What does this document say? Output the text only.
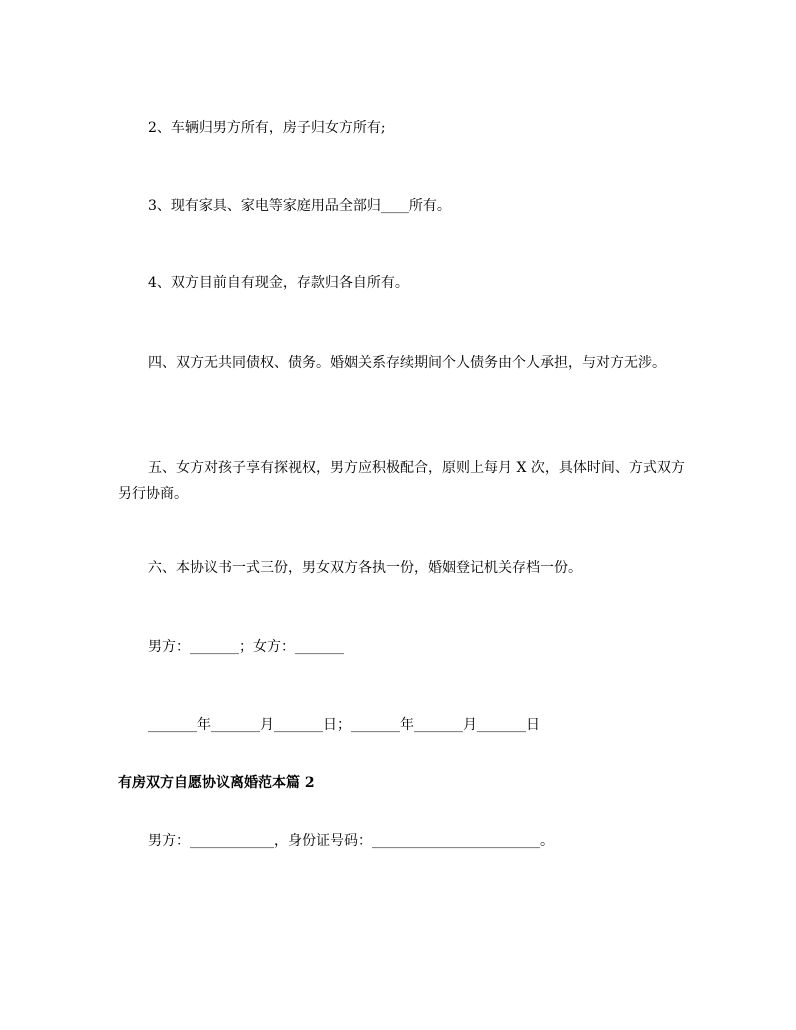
2、车辆归男方所有，房子归女方所有;
3、现有家具、家电等家庭用品全部归____所有。
4、双方目前自有现金，存款归各自所有。
四、双方无共同债权、债务。婚姻关系存续期间个人债务由个人承担，与对方无涉。
五、女方对孩子享有探视权，男方应积极配合，原则上每月 X 次，具体时间、方式双方另行协商。
六、本协议书一式三份，男女双方各执一份，婚姻登记机关存档一份。
男方：_______；女方：_______
_______年_______月_______日；_______年_______月_______日
有房双方自愿协议离婚范本篇 2
男方：____________，身份证号码：________________________。
